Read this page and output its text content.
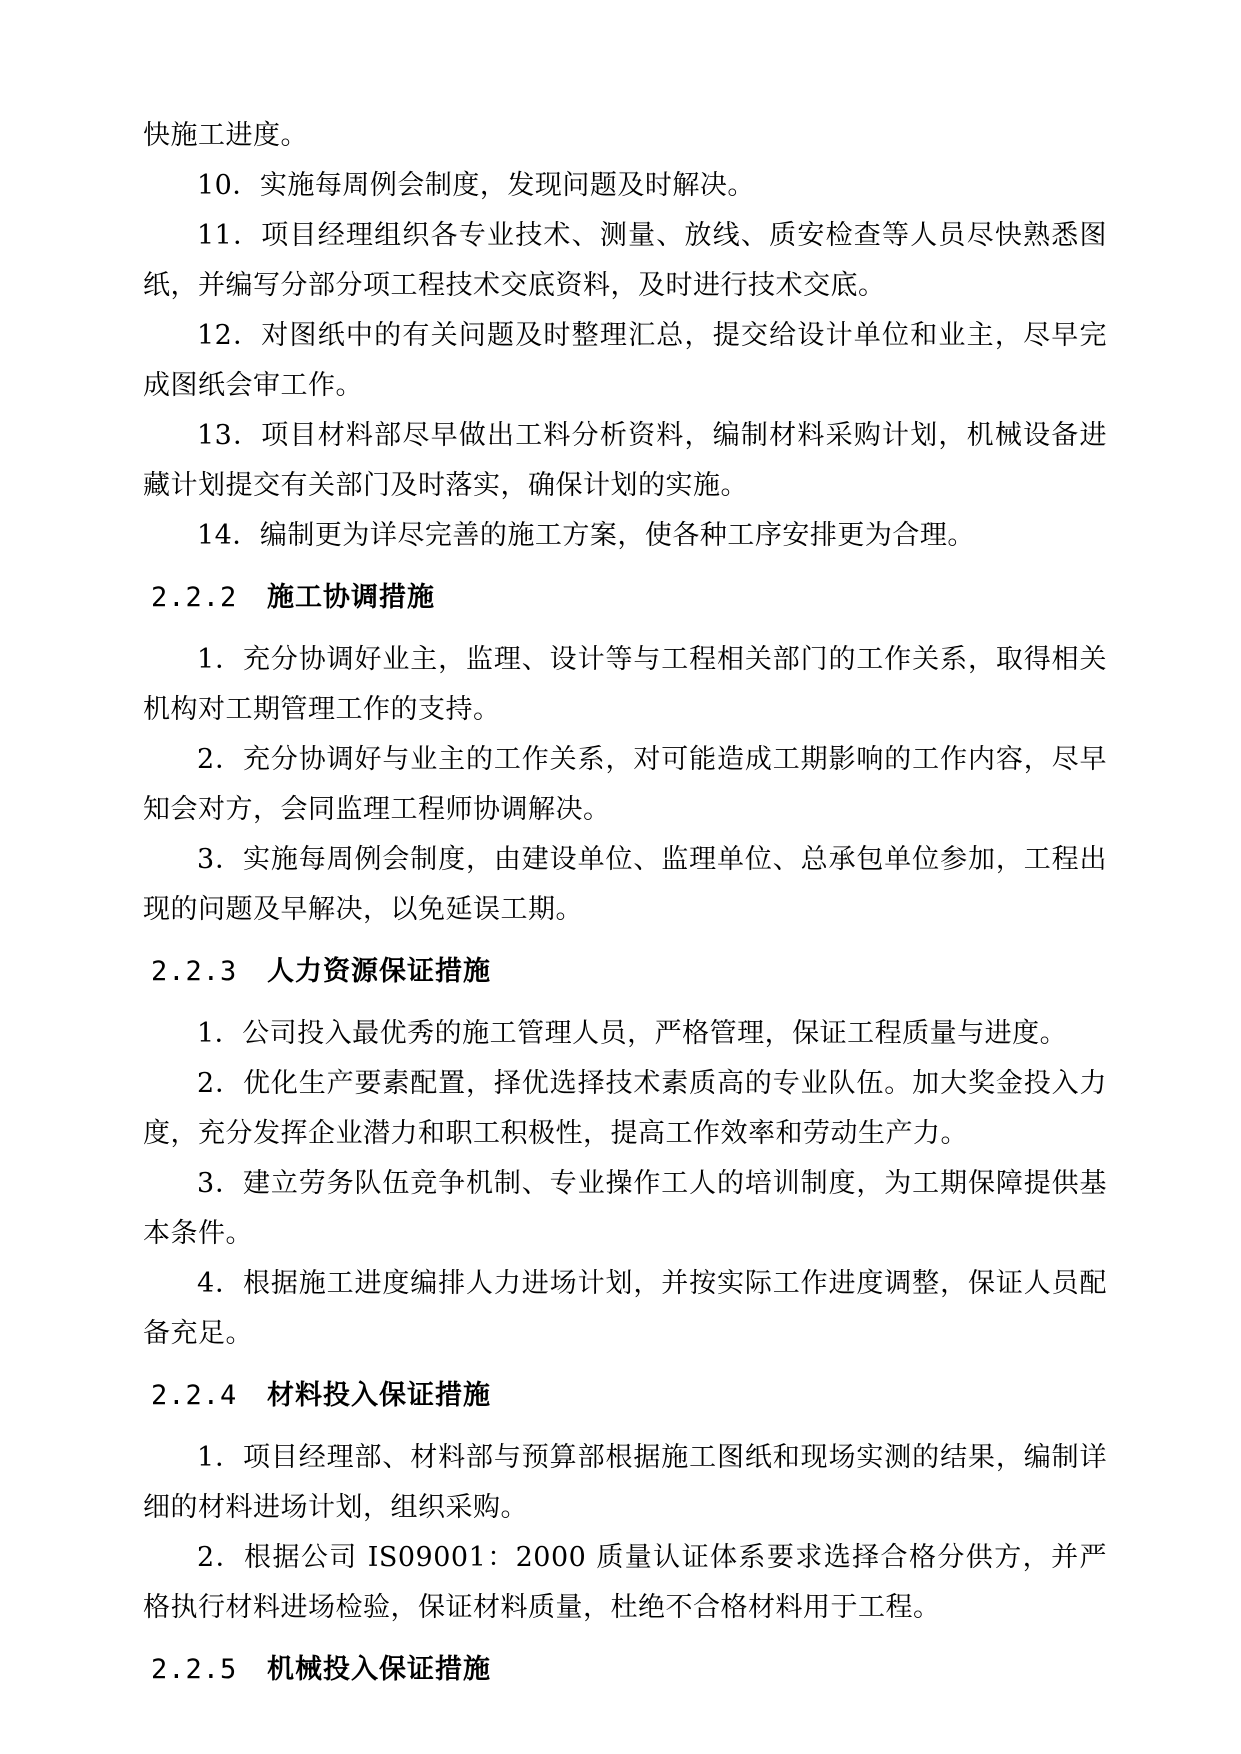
快施工进度。

10．实施每周例会制度，发现问题及时解决。

11．项目经理组织各专业技术、测量、放线、质安检查等人员尽快熟悉图纸，并编写分部分项工程技术交底资料，及时进行技术交底。

12．对图纸中的有关问题及时整理汇总，提交给设计单位和业主，尽早完成图纸会审工作。

13．项目材料部尽早做出工料分析资料，编制材料采购计划，机械设备进藏计划提交有关部门及时落实，确保计划的实施。

14．编制更为详尽完善的施工方案，使各种工序安排更为合理。

2.2.2	施工协调措施

1．充分协调好业主，监理、设计等与工程相关部门的工作关系，取得相关机构对工期管理工作的支持。

2．充分协调好与业主的工作关系，对可能造成工期影响的工作内容，尽早知会对方，会同监理工程师协调解决。

3．实施每周例会制度，由建设单位、监理单位、总承包单位参加，工程出现的问题及早解决，以免延误工期。

2.2.3	人力资源保证措施

1．公司投入最优秀的施工管理人员，严格管理，保证工程质量与进度。

2．优化生产要素配置，择优选择技术素质高的专业队伍。加大奖金投入力度，充分发挥企业潜力和职工积极性，提高工作效率和劳动生产力。

3．建立劳务队伍竞争机制、专业操作工人的培训制度，为工期保障提供基本条件。

4．根据施工进度编排人力进场计划，并按实际工作进度调整，保证人员配备充足。

2.2.4	材料投入保证措施

1．项目经理部、材料部与预算部根据施工图纸和现场实测的结果，编制详细的材料进场计划，组织采购。

2．根据公司 IS09001：2000 质量认证体系要求选择合格分供方，并严格执行材料进场检验，保证材料质量，杜绝不合格材料用于工程。

2.2.5	机械投入保证措施
